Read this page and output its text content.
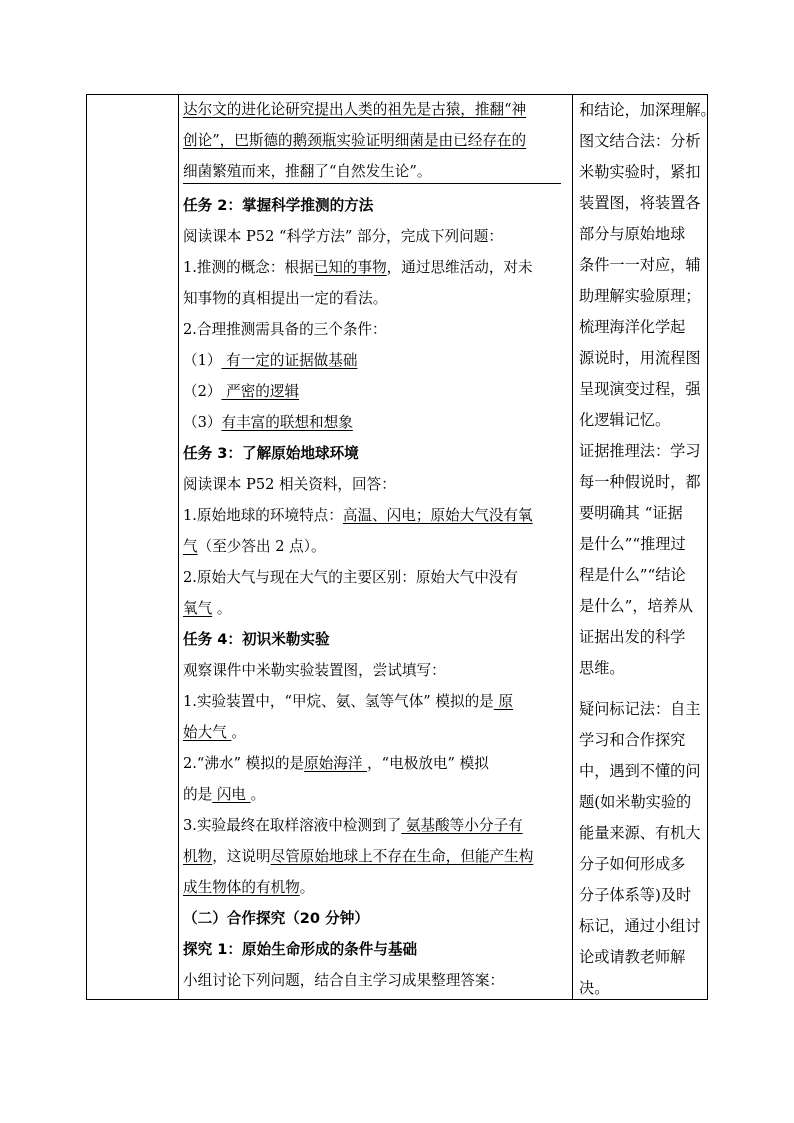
达尔文的进化论研究提出人类的祖先是古猿，推翻“神
创论”，巴斯德的鹅颈瓶实验证明细菌是由已经存在的
细菌繁殖而来，推翻了“自然发生论”。
任务 2：掌握科学推测的方法
阅读课本 P52 “科学方法” 部分，完成下列问题：
1.推测的概念：根据已知的事物，通过思维活动，对未
知事物的真相提出一定的看法。
2.合理推测需具备的三个条件：
（1） 有一定的证据做基础
（2） 严密的逻辑
（3）有丰富的联想和想象
任务 3：了解原始地球环境
阅读课本 P52 相关资料，回答：
1.原始地球的环境特点：高温、闪电；原始大气没有氧
气（至少答出 2 点）。
2.原始大气与现在大气的主要区别：原始大气中没有
氧气 。
任务 4：初识米勒实验
观察课件中米勒实验装置图，尝试填写：
1.实验装置中，“甲烷、氨、氢等气体” 模拟的是 原
始大气 。
2.“沸水” 模拟的是原始海洋 ，“电极放电” 模拟
的是 闪电 。
3.实验最终在取样溶液中检测到了 氨基酸等小分子有
机物，这说明尽管原始地球上不存在生命，但能产生构
成生物体的有机物。
（二）合作探究（20 分钟）
探究 1：原始生命形成的条件与基础
小组讨论下列问题，结合自主学习成果整理答案：
和结论，加深理解。
图文结合法：分析
米勒实验时，紧扣
装置图，将装置各
部分与原始地球
条件一一对应，辅
助理解实验原理；
梳理海洋化学起
源说时，用流程图
呈现演变过程，强
化逻辑记忆。
证据推理法：学习
每一种假说时，都
要明确其 “证据
是什么”“推理过
程是什么”“结论
是什么”，培养从
证据出发的科学
思维。
疑问标记法：自主
学习和合作探究
中，遇到不懂的问
题(如米勒实验的
能量来源、有机大
分子如何形成多
分子体系等)及时
标记，通过小组讨
论或请教老师解
决。
